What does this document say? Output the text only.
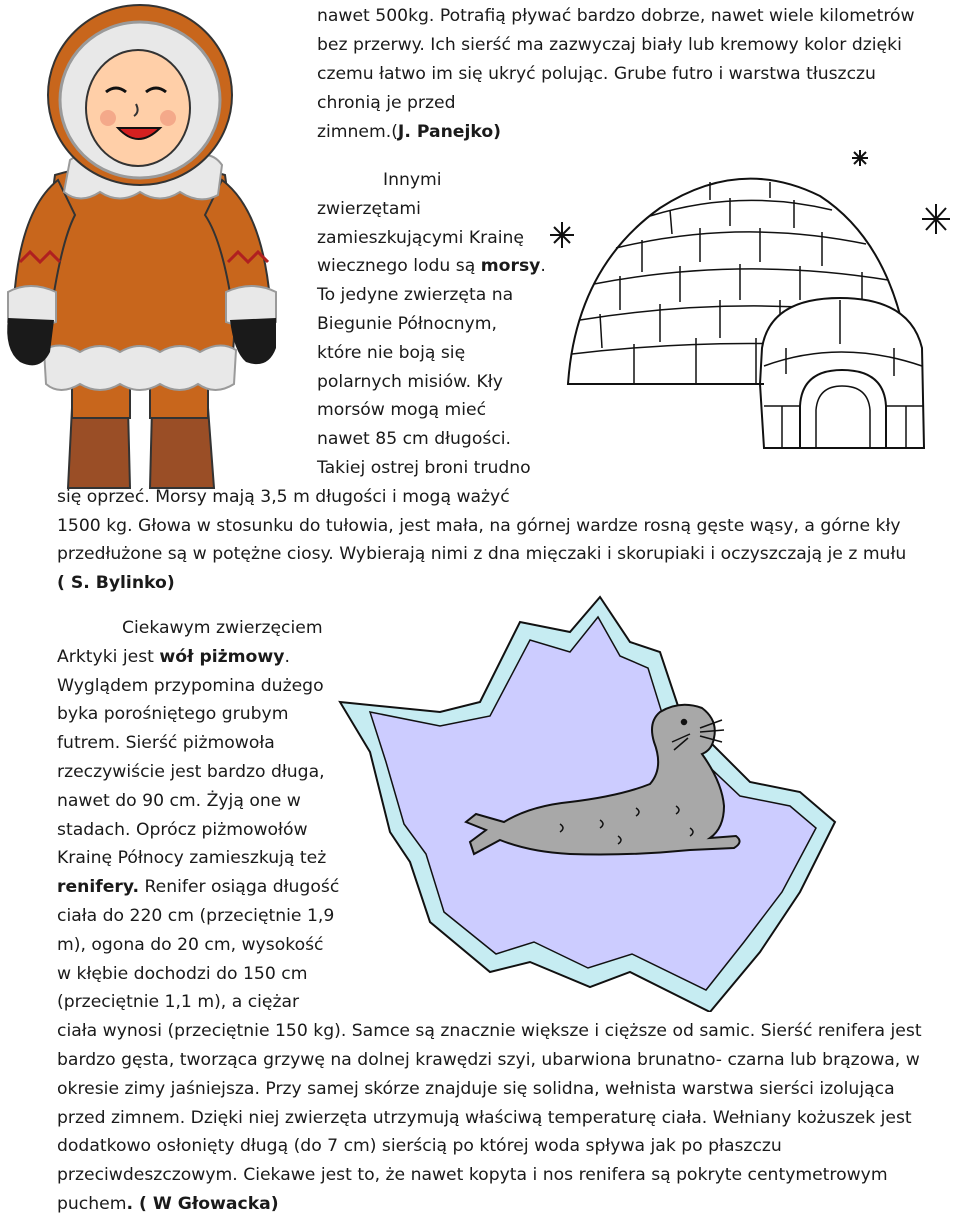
nawet 500kg. Potrafią pływać bardzo dobrze, nawet wiele kilometrów
bez przerwy. Ich sierść ma zazwyczaj biały lub kremowy kolor dzięki
czemu łatwo im się ukryć polując. Grube futro i warstwa tłuszczu
chronią je przed
zimnem.(J. Panejko)
Innymi
zwierzętami
zamieszkującymi Krainę
wiecznego lodu są morsy.
To jedyne zwierzęta na
Biegunie Północnym,
które nie boją się
polarnych misiów. Kły
morsów mogą mieć
nawet 85 cm długości.
Takiej ostrej broni trudno
się oprzeć. Morsy mają 3,5 m długości i mogą ważyć
1500 kg. Głowa w stosunku do tułowia, jest mała, na górnej wardze rosną gęste wąsy, a górne kły
przedłużone są w potężne ciosy. Wybierają nimi z dna mięczaki i skorupiaki i oczyszczają je z mułu
( S. Bylinko)
Ciekawym zwierzęciem
Arktyki jest wół piżmowy.
Wyglądem przypomina dużego
byka porośniętego grubym
futrem. Sierść piżmowoła
rzeczywiście jest bardzo długa,
nawet do 90 cm. Żyją one w
stadach. Oprócz piżmowołów
Krainę Północy zamieszkują też
renifery. Renifer osiąga długość
ciała do 220 cm (przeciętnie 1,9
m), ogona do 20 cm, wysokość
w kłębie dochodzi do 150 cm
(przeciętnie 1,1 m), a ciężar
ciała wynosi (przeciętnie 150 kg). Samce są znacznie większe i cięższe od samic. Sierść renifera jest
bardzo gęsta, tworząca grzywę na dolnej krawędzi szyi, ubarwiona brunatno- czarna lub brązowa, w
okresie zimy jaśniejsza. Przy samej skórze znajduje się solidna, wełnista warstwa sierści izolująca
przed zimnem. Dzięki niej zwierzęta utrzymują właściwą temperaturę ciała. Wełniany kożuszek jest
dodatkowo osłonięty długą (do 7 cm) sierścią po której woda spływa jak po płaszczu
przeciwdeszczowym. Ciekawe jest to, że nawet kopyta i nos renifera są pokryte centymetrowym
puchem. ( W Głowacka)
